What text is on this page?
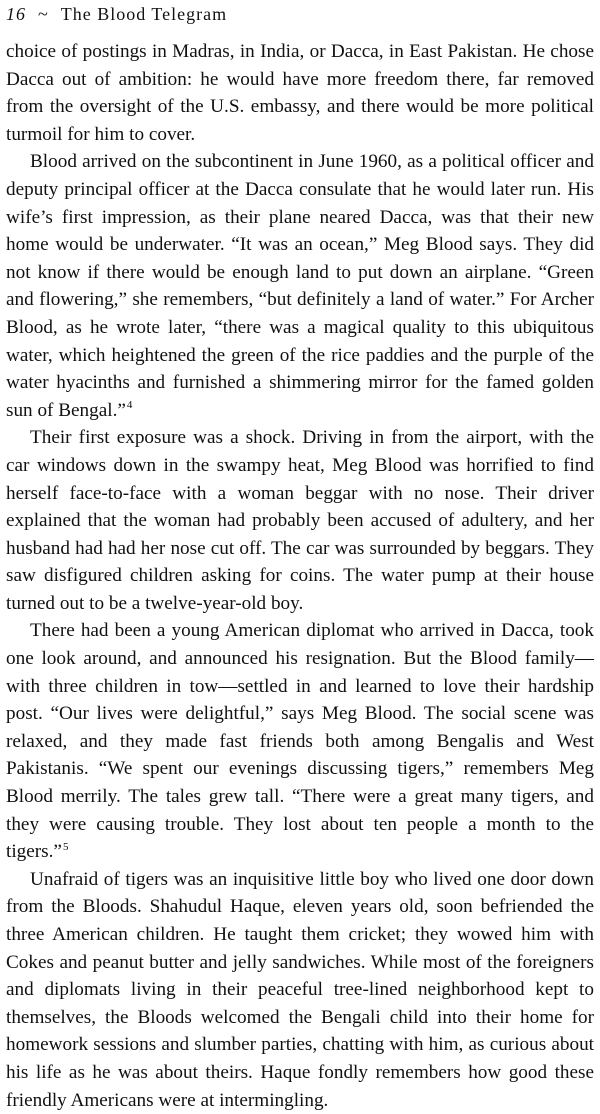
16 ~ The Blood Telegram

choice of postings in Madras, in India, or Dacca, in East Pakistan. He chose Dacca out of ambition: he would have more freedom there, far removed from the oversight of the U.S. embassy, and there would be more political turmoil for him to cover.

Blood arrived on the subcontinent in June 1960, as a political officer and deputy principal officer at the Dacca consulate that he would later run. His wife’s first impression, as their plane neared Dacca, was that their new home would be underwater. “It was an ocean,” Meg Blood says. They did not know if there would be enough land to put down an airplane. “Green and flowering,” she remembers, “but definitely a land of water.” For Archer Blood, as he wrote later, “there was a magical quality to this ubiquitous water, which heightened the green of the rice paddies and the purple of the water hyacinths and furnished a shimmering mirror for the famed golden sun of Bengal.”$^4$

Their first exposure was a shock. Driving in from the airport, with the car windows down in the swampy heat, Meg Blood was horrified to find herself face-to-face with a woman beggar with no nose. Their driver explained that the woman had probably been accused of adultery, and her husband had had her nose cut off. The car was surrounded by beggars. They saw disfigured children asking for coins. The water pump at their house turned out to be a twelve-year-old boy.

There had been a young American diplomat who arrived in Dacca, took one look around, and announced his resignation. But the Blood family—with three children in tow—settled in and learned to love their hardship post. “Our lives were delightful,” says Meg Blood. The social scene was relaxed, and they made fast friends both among Bengalis and West Pakistanis. “We spent our evenings discussing tigers,” remembers Meg Blood merrily. The tales grew tall. “There were a great many tigers, and they were causing trouble. They lost about ten people a month to the tigers.”$^5$

Unafraid of tigers was an inquisitive little boy who lived one door down from the Bloods. Shahudul Haque, eleven years old, soon befriended the three American children. He taught them cricket; they wowed him with Cokes and peanut butter and jelly sandwiches. While most of the foreigners and diplomats living in their peaceful tree-lined neighborhood kept to themselves, the Bloods welcomed the Bengali child into their home for homework sessions and slumber parties, chatting with him, as curious about his life as he was about theirs. Haque fondly remembers how good these friendly Americans were at intermingling.
